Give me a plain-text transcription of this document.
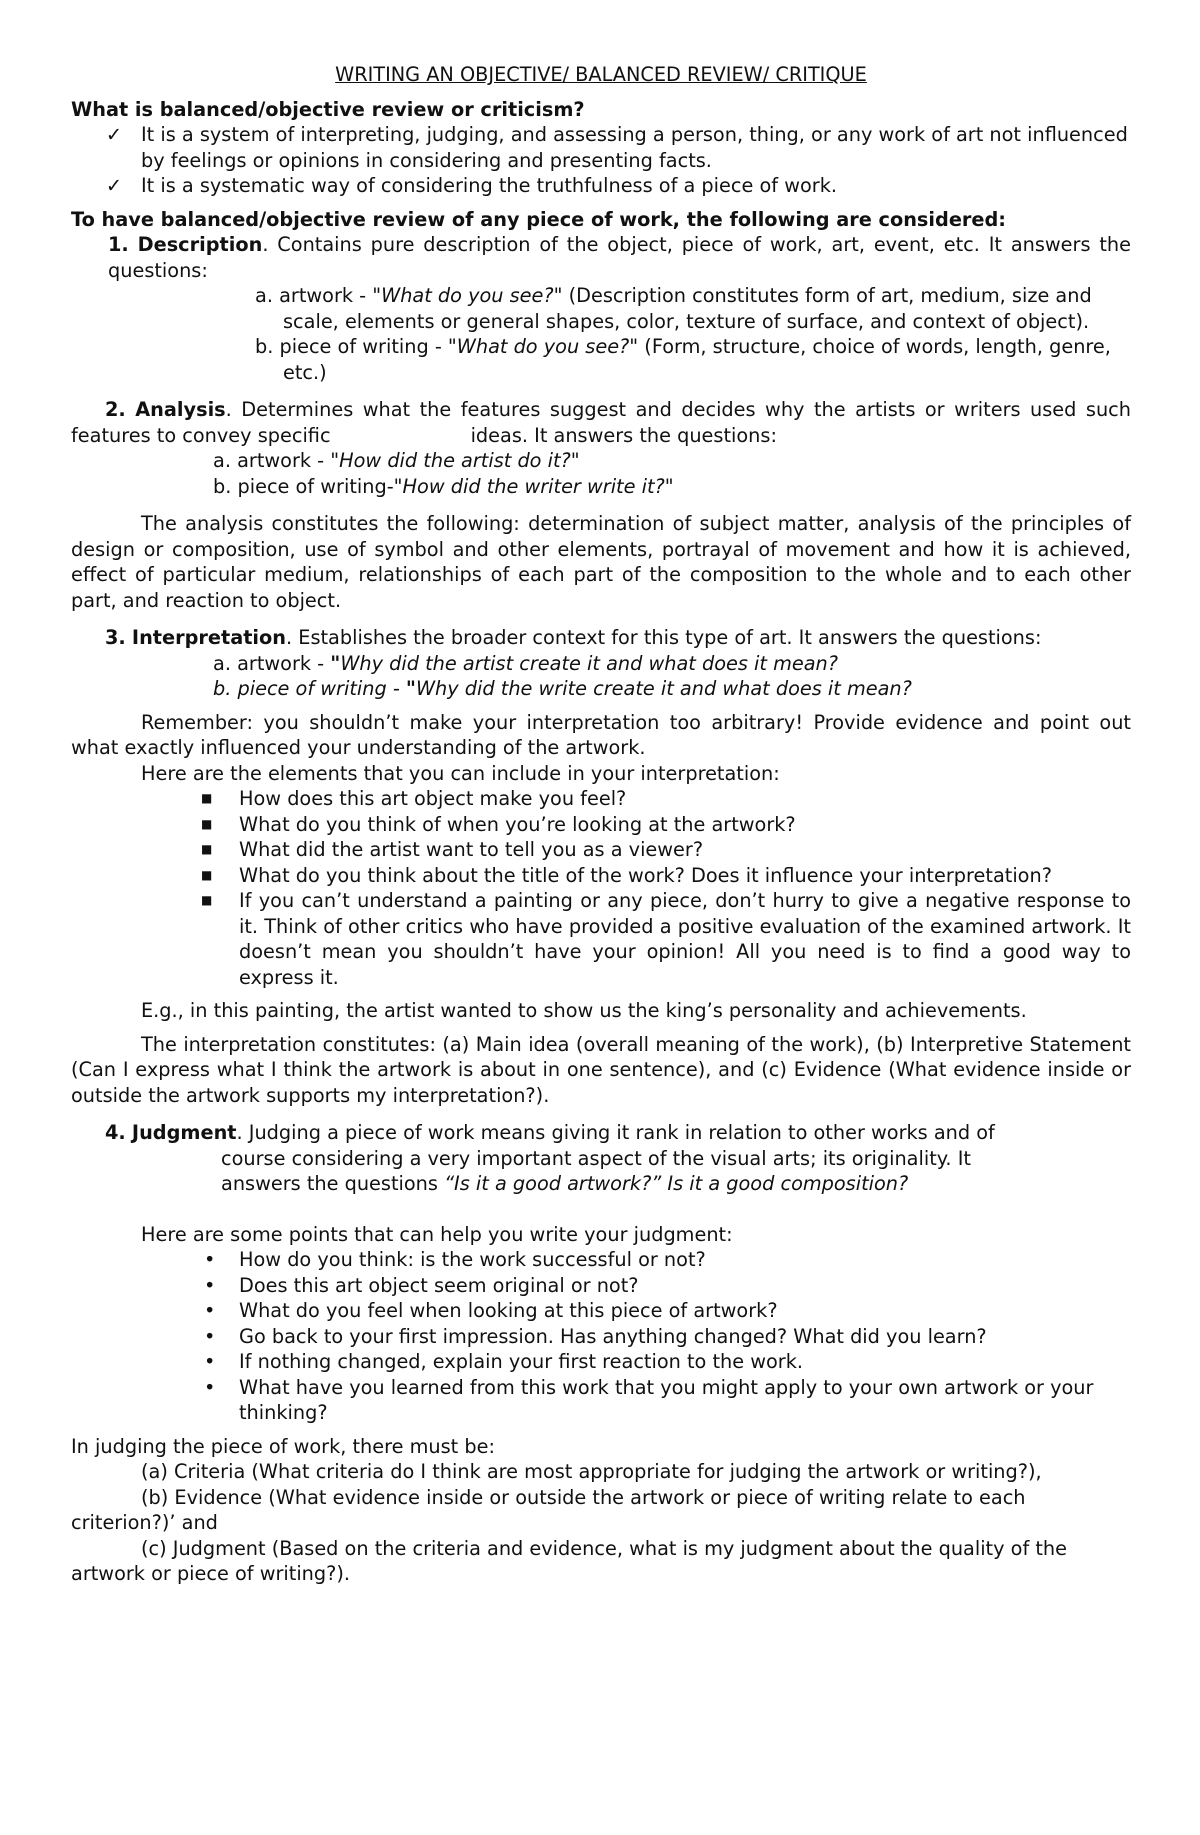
WRITING AN OBJECTIVE/ BALANCED REVIEW/ CRITIQUE

What is balanced/objective review or criticism?

✓ It is a system of interpreting, judging, and assessing a person, thing, or any work of art not influenced by feelings or opinions in considering and presenting facts.
✓ It is a systematic way of considering the truthfulness of a piece of work.

To have balanced/objective review of any piece of work, the following are considered:

1. Description. Contains pure description of the object, piece of work, art, event, etc. It answers the questions:

a. artwork - "What do you see?" (Description constitutes form of art, medium, size and scale, elements or general shapes, color, texture of surface, and context of object).

b. piece of writing - "What do you see?" (Form, structure, choice of words, length, genre, etc.)

2. Analysis. Determines what the features suggest and decides why the artists or writers used such features to convey specific	ideas. It answers the questions:

a. artwork - "How did the artist do it?"

b. piece of writing-"How did the writer write it?"

The analysis constitutes the following: determination of subject matter, analysis of the principles of design or composition, use of symbol and other elements, portrayal of movement and how it is achieved, effect of particular medium, relationships of each part of the composition to the whole and to each other part, and reaction to object.

3. Interpretation. Establishes the broader context for this type of art. It answers the questions:

a. artwork - "Why did the artist create it and what does it mean?

b. piece of writing - "Why did the write create it and what does it mean?

Remember: you shouldn’t make your interpretation too arbitrary! Provide evidence and point out what exactly influenced your understanding of the artwork.

Here are the elements that you can include in your interpretation:

■ How does this art object make you feel?
■ What do you think of when you’re looking at the artwork?
■ What did the artist want to tell you as a viewer?
■ What do you think about the title of the work? Does it influence your interpretation?
■ If you can’t understand a painting or any piece, don’t hurry to give a negative response to it. Think of other critics who have provided a positive evaluation of the examined artwork. It doesn’t mean you shouldn’t have your opinion! All you need is to find a good way to express it.

E.g., in this painting, the artist wanted to show us the king’s personality and achievements.

The interpretation constitutes: (a) Main idea (overall meaning of the work), (b) Interpretive Statement (Can I express what I think the artwork is about in one sentence), and (c) Evidence (What evidence inside or outside the artwork supports my interpretation?).

4. Judgment. Judging a piece of work means giving it rank in relation to other works and of

course considering a very important aspect of the visual arts; its originality. It

answers the questions “Is it a good artwork?” Is it a good composition?

Here are some points that can help you write your judgment:

• How do you think: is the work successful or not?
• Does this art object seem original or not?
• What do you feel when looking at this piece of artwork?
• Go back to your first impression. Has anything changed? What did you learn?
• If nothing changed, explain your first reaction to the work.
• What have you learned from this work that you might apply to your own artwork or your thinking?

In judging the piece of work, there must be:

(a) Criteria (What criteria do I think are most appropriate for judging the artwork or writing?),

(b) Evidence (What evidence inside or outside the artwork or piece of writing relate to each criterion?)’ and

(c) Judgment (Based on the criteria and evidence, what is my judgment about the quality of the artwork or piece of writing?).
